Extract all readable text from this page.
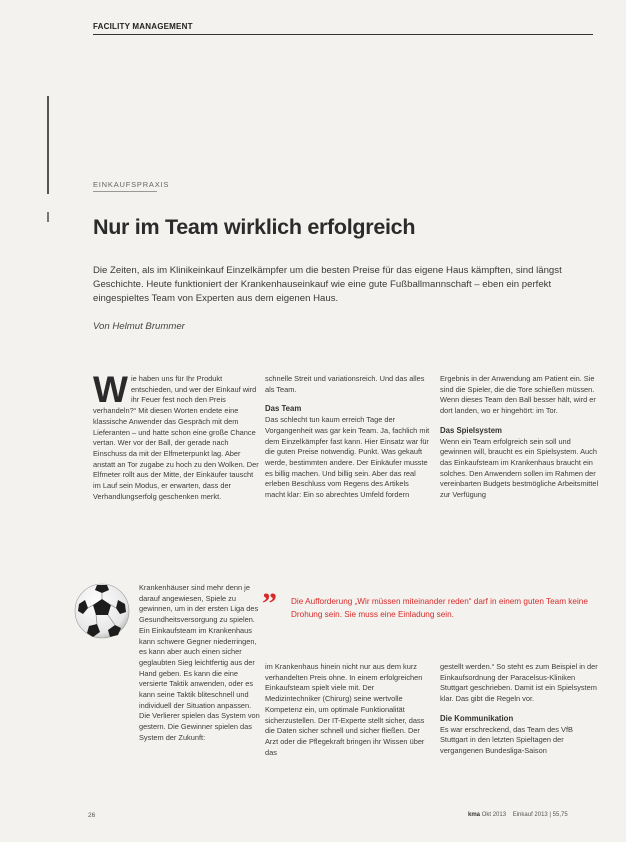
FACILITY MANAGEMENT
EINKAUFSPRAXIS
Nur im Team wirklich erfolgreich

Die Zeiten, als im Klinikeinkauf Einzelkämpfer um die besten Preise für das eigene Haus kämpften, sind längst Geschichte. Heute funktioniert der Krankenhauseinkauf wie eine gute Fußballmannschaft – eben ein perfekt eingespieltes Team von Experten aus dem eigenen Haus.

Von Helmut Brummer

Wie haben uns für Ihr Produkt entschieden, und wer der Einkauf wird ihr Feuer fest noch den Preis verhandeln?“ Mit diesen Worten endete eine klassische Anwender das Gespräch mit dem Lieferanten – und hatte schon eine große Chance vertan. Wer vor der Ball, der gerade nach Einschuss da mit der Elfmeterpunkt lag. Aber anstatt an Tor zugabe zu hoch zu den Wolken. Der Elfmeter rollt aus der Mitte, der Einkäufer tauscht im Lauf sein Modus, er erwarten, dass der Verhandlungserfolg geschenken merkt.

schnelle Streit und variationsreich. Und das alles als Team.

Das Team

Das schlecht tun kaum erreich Tage der Vorgangenheit was gar kein Team. Ja, fachlich mit dem Einzelkämpfer fast kann. Hier Einsatz war für die guten Preise notwendig. Punkt. Was gekauft werde, bestimmten andere. Der Einkäufer musste es billig machen. Und billig sein. Aber das real erleben Beschluss vom Regens des Artikels macht klar: Ein so abrechtes Umfeld fordern

Ergebnis in der Anwendung am Patient ein. Sie sind die Spieler, die die Tore schießen müssen. Wenn dieses Team den Ball besser hält, wird er dort landen, wo er hingehört: im Tor.

Das Spielsystem

Wenn ein Team erfolgreich sein soll und gewinnen will, braucht es ein Spielsystem. Auch das Einkaufsteam im Krankenhaus braucht ein solches. Den Anwendern sollen im Rahmen der vereinbarten Budgets bestmögliche Arbeitsmittel zur Verfügung

Krankenhäuser sind mehr denn je darauf angewiesen, Spiele zu gewinnen, um in der ersten Liga des Gesundheitsversorgung zu spielen. Ein Einkaufsteam im Krankenhaus kann schwere Gegner niederringen, es kann aber auch einen sicher geglaubten Sieg leichtfertig aus der Hand geben. Es kann die eine versierte Taktik anwenden, oder es kann seine Taktik bliteschnell und individuell der Situation anpassen. Die Verlierer spielen das System von gestern. Die Gewinner spielen das System der Zukunft:

” Die Aufforderung „Wir müssen miteinander reden“ darf in einem guten Team keine Drohung sein. Sie muss eine Einladung sein.

im Krankenhaus hinein nicht nur aus dem kurz verhandelten Preis ohne. In einem erfolgreichen Einkaufsteam spielt viele mit. Der Medizintechniker (Chirurg) seine wertvolle Kompetenz ein, um optimale Funktionalität sicherzustellen. Der IT-Experte stellt sicher, dass die Daten sicher schnell und sicher fließen. Der Arzt oder die Pflegekraft bringen ihr Wissen über das

gestellt werden.“ So steht es zum Beispiel in der Einkaufsordnung der Paracelsus-Kliniken Stuttgart geschrieben. Damit ist ein Spielsystem klar. Das gibt die Regeln vor.

Die Kommunikation

Es war erschreckend, das Team des VfB Stuttgart in den letzten Spieltagen der vergangenen Bundesliga-Saison

26	kma Okt 2013 Einkauf 2013 | 55,75
